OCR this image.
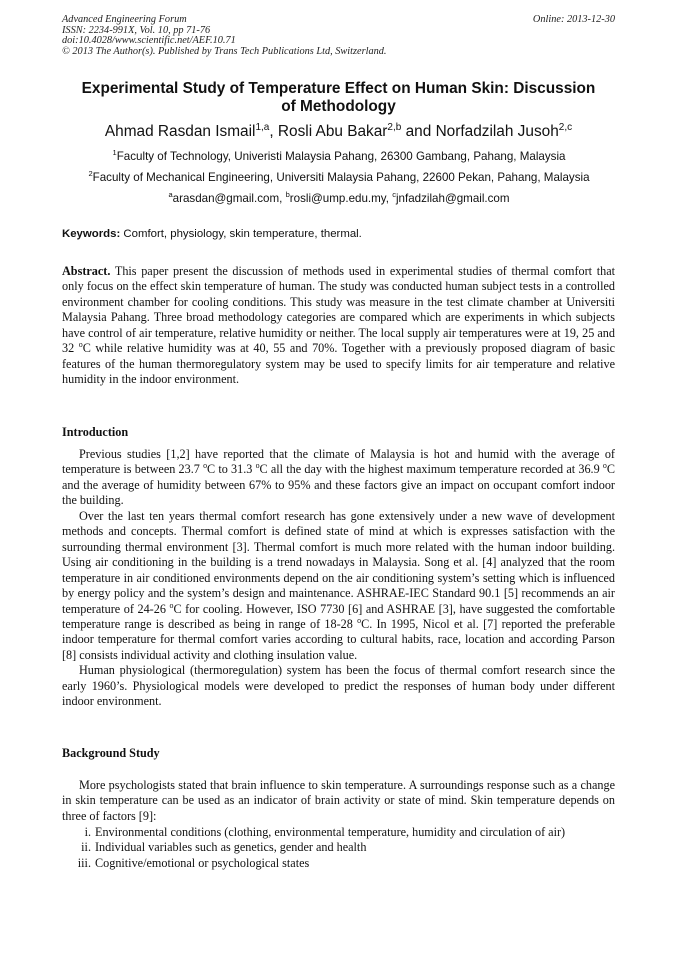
Advanced Engineering Forum
ISSN: 2234-991X, Vol. 10, pp 71-76
doi:10.4028/www.scientific.net/AEF.10.71
© 2013 The Author(s). Published by Trans Tech Publications Ltd, Switzerland.
Online: 2013-12-30
Experimental Study of Temperature Effect on Human Skin: Discussion
of Methodology
Ahmad Rasdan Ismail$^{1,a}$, Rosli Abu Bakar$^{2,b}$ and Norfadzilah Jusoh$^{2,c}$
$^1$Faculty of Technology, Univeristi Malaysia Pahang, 26300 Gambang, Pahang, Malaysia
$^2$Faculty of Mechanical Engineering, Universiti Malaysia Pahang, 22600 Pekan, Pahang, Malaysia
$^a$arasdan@gmail.com, $^b$rosli@ump.edu.my, $^c$jnfadzilah@gmail.com
Keywords: Comfort, physiology, skin temperature, thermal.

Abstract. This paper present the discussion of methods used in experimental studies of thermal comfort that only focus on the effect skin temperature of human. The study was conducted human subject tests in a controlled environment chamber for cooling conditions. This study was measure in the test climate chamber at Universiti Malaysia Pahang. Three broad methodology categories are compared which are experiments in which subjects have control of air temperature, relative humidity or neither. The local supply air temperatures were at 19, 25 and 32 $^o$C while relative humidity was at 40, 55 and 70%. Together with a previously proposed diagram of basic features of the human thermoregulatory system may be used to specify limits for air temperature and relative humidity in the indoor environment.

Introduction

Previous studies [1,2] have reported that the climate of Malaysia is hot and humid with the average of temperature is between 23.7 $^o$C to 31.3 $^o$C all the day with the highest maximum temperature recorded at 36.9 $^o$C and the average of humidity between 67% to 95% and these factors give an impact on occupant comfort indoor the building.

Over the last ten years thermal comfort research has gone extensively under a new wave of development methods and concepts. Thermal comfort is defined state of mind at which is expresses satisfaction with the surrounding thermal environment [3]. Thermal comfort is much more related with the human indoor building. Using air conditioning in the building is a trend nowadays in Malaysia. Song et al. [4] analyzed that the room temperature in air conditioned environments depend on the air conditioning system’s setting which is influenced by energy policy and the system’s design and maintenance. ASHRAE-IEC Standard 90.1 [5] recommends an air temperature of 24-26 $^o$C for cooling. However, ISO 7730 [6] and ASHRAE [3], have suggested the comfortable temperature range is described as being in range of 18-28 $^o$C. In 1995, Nicol et al. [7] reported the preferable indoor temperature for thermal comfort varies according to cultural habits, race, location and according Parson [8] consists individual activity and clothing insulation value.

Human physiological (thermoregulation) system has been the focus of thermal comfort research since the early 1960’s. Physiological models were developed to predict the responses of human body under different indoor environment.

Background Study

More psychologists stated that brain influence to skin temperature. A surroundings response such as a change in skin temperature can be used as an indicator of brain activity or state of mind. Skin temperature depends on three of factors [9]:

i. Environmental conditions (clothing, environmental temperature, humidity and circulation of air)
ii. Individual variables such as genetics, gender and health
iii. Cognitive/emotional or psychological states
